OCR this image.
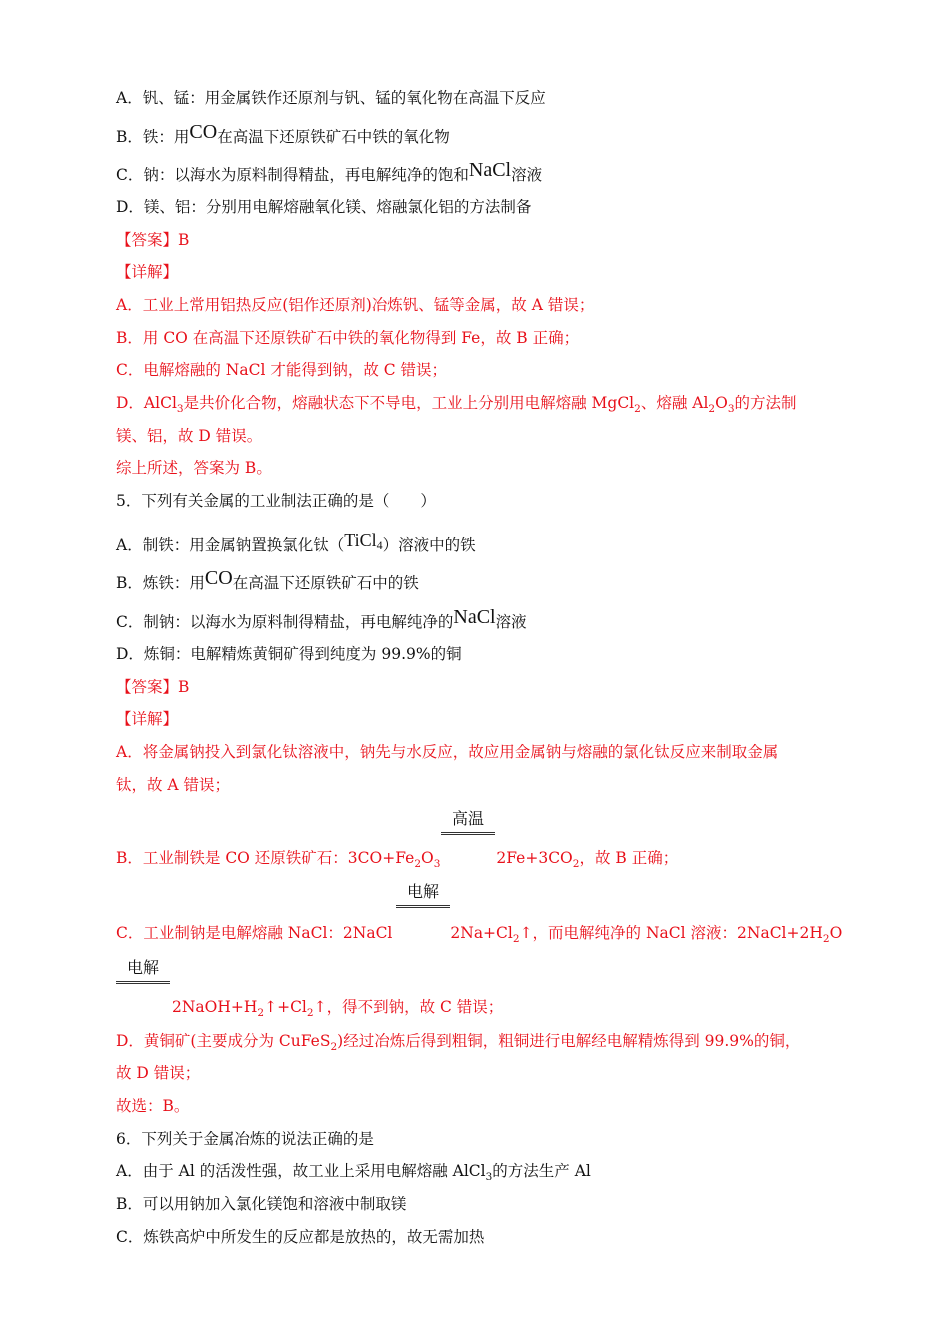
A．钒、锰：用金属铁作还原剂与钒、锰的氧化物在高温下反应
B．铁：用CO在高温下还原铁矿石中铁的氧化物
C．钠：以海水为原料制得精盐，再电解纯净的饱和NaCl溶液
D．镁、铝：分别用电解熔融氧化镁、熔融氯化铝的方法制备
【答案】B
【详解】
A．工业上常用铝热反应(铝作还原剂)冶炼钒、锰等金属，故 A 错误；
B．用 CO 在高温下还原铁矿石中铁的氧化物得到 Fe，故 B 正确；
C．电解熔融的 NaCl 才能得到钠，故 C 错误；
D．AlCl$_3$是共价化合物，熔融状态下不导电，工业上分别用电解熔融 MgCl$_2$、熔融 $Al_2O_3$的方法制
镁、铝，故 D 错误。
综上所述，答案为 B。
5．下列有关金属的工业制法正确的是（　　）
A．制铁：用金属钠置换氯化钛（TiCl$_4$）溶液中的铁
B．炼铁：用CO在高温下还原铁矿石中的铁
C．制钠：以海水为原料制得精盐，再电解纯净的NaCl溶液
D．炼铜：电解精炼黄铜矿得到纯度为 99.9%的铜
【答案】B
【详解】
A．将金属钠投入到氯化钛溶液中，钠先与水反应，故应用金属钠与熔融的氯化钛反应来制取金属
钛，故 A 错误；
高温
B．工业制铁是 CO 还原铁矿石：$3CO+Fe_2O_3$	$2Fe+3CO_2$，故 B 正确；
电解
C．工业制钠是电解熔融 NaCl：2NaCl	$2Na+Cl_2↑$，而电解纯净的 NaCl 溶液：$2NaCl+2H_2O$
电解
$2NaOH+H_2↑+Cl_2↑$，得不到钠，故 C 错误；
D．黄铜矿(主要成分为 CuFeS$_2$)经过冶炼后得到粗铜，粗铜进行电解经电解精炼得到 99.9%的铜，
故 D 错误；
故选：B。
6．下列关于金属冶炼的说法正确的是
A．由于 Al 的活泼性强，故工业上采用电解熔融 AlCl$_3$的方法生产 Al
B．可以用钠加入氯化镁饱和溶液中制取镁
C．炼铁高炉中所发生的反应都是放热的，故无需加热
